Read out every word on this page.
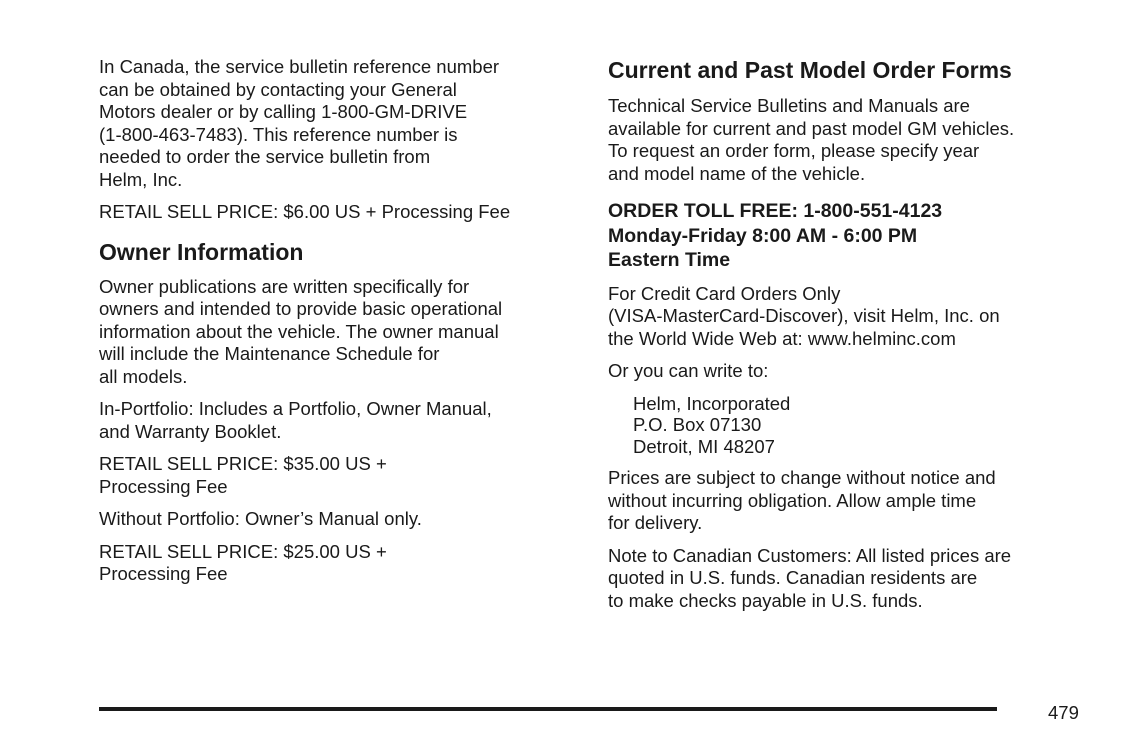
In Canada, the service bulletin reference number
can be obtained by contacting your General
Motors dealer or by calling 1-800-GM-DRIVE
(1-800-463-7483). This reference number is
needed to order the service bulletin from
Helm, Inc.

RETAIL SELL PRICE: $6.00 US + Processing Fee

Owner Information

Owner publications are written specifically for
owners and intended to provide basic operational
information about the vehicle. The owner manual
will include the Maintenance Schedule for
all models.

In-Portfolio: Includes a Portfolio, Owner Manual,
and Warranty Booklet.

RETAIL SELL PRICE: $35.00 US +
Processing Fee

Without Portfolio: Owner’s Manual only.

RETAIL SELL PRICE: $25.00 US +
Processing Fee

Current and Past Model Order Forms

Technical Service Bulletins and Manuals are
available for current and past model GM vehicles.
To request an order form, please specify year
and model name of the vehicle.

ORDER TOLL FREE: 1-800-551-4123
Monday-Friday 8:00 AM - 6:00 PM
Eastern Time

For Credit Card Orders Only
(VISA-MasterCard-Discover), visit Helm, Inc. on
the World Wide Web at: www.helminc.com

Or you can write to:

Helm, Incorporated
P.O. Box 07130
Detroit, MI 48207

Prices are subject to change without notice and
without incurring obligation. Allow ample time
for delivery.

Note to Canadian Customers: All listed prices are
quoted in U.S. funds. Canadian residents are
to make checks payable in U.S. funds.

479
